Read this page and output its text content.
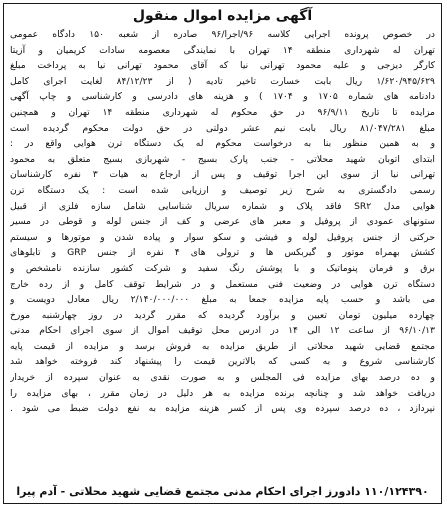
آگهی مزایده اموال منقول
در خصوص پرونده اجرایی کلاسه ۹۶/اجرا/۹۶ صادره از شعبه ۱۵۰ دادگاه عمومی
تهران له شهرداری منطقه ۱۴ تهران با نمایندگی معصومه سادات کریمیان و آزیتا
کارگر دیزجی و علیه محمود تهرانی نیا که آقای محمود تهرانی نیا به پرداخت مبلغ
۱/۶۲۰/۹۴۵/۶۲۹ ریال بابت خسارت تاخیر تادیه ( از ۸۴/۱۲/۲۳ لغایت اجرای کامل
دادنامه های شماره ۱۷۰۵ و ۱۷۰۴ ) و هزینه های دادرسی و کارشناسی و چاپ آگهی
مزایده تا تاریخ ۹۶/۹/۱۱ در حق محکوم له شهرداری منطقه ۱۴ تهران و همچنین
مبلغ ۸۱/۰۴۷/۲۸۱ ریال بابت نیم عشر دولتی در حق دولت محکوم گردیده است
و به همین منظور بنا به درخواست محکوم له یک دستگاه ترن هوایی واقع در :
ابتدای اتوبان شهید محلاتی - جنب پارک بسیج - شهربازی بسیج متعلق به محمود
تهرانی نیا از سوی این اجرا توقیف و پس از ارجاع به هیات ۳ نفره کارشناسان
رسمی دادگستری به شرح زیر توصیف و ارزیابی شده است : یک دستگاه ترن
هوایی مدل SR۲ فاقد پلاک و شماره سریال شناسایی شامل سازه فلزی از قبیل
ستونهای عمودی از پروفیل و معبر های عرضی و کف از جنس لوله و قوطی در مسیر
حرکتی از جنس پروفیل لوله و فیشی و سکو سوار و پیاده شدن و موتورها و سیستم
کشش بهمراه موتور و گیربکس ها و ترولی های ۴ نفره از جنس GRP و تابلوهای
برق و فرمان پنوماتیک و با پوشش رنگ سفید و شرکت کشور سازنده نامشخص و
دستگاه ترن هوایی در وضعیت فنی مستعمل و در شرایط توقف کامل و از رده خارج
می باشد و حسب پایه مزایده جمعا به مبلغ ۲/۱۴۰/۰۰۰/۰۰۰ ریال معادل دویست و
چهارده میلیون تومان تعیین و برآورد گردیده که مقرر گردید در روز چهارشنبه مورخ
۹۶/۱۰/۱۳ از ساعت ۱۲ الی ۱۴ در ادرس محل توقیف اموال از سوی اجرای احکام مدنی
مجتمع قضایی شهید محلاتی از طریق مزایده به فروش برسد و مزایده از قیمت پایه
کارشناسی شروع و به کسی که بالاترین قیمت را پیشنهاد کند فروخته خواهد شد
و ده درصد بهای مزایده فی المجلس و به صورت نقدی به عنوان سپرده از خریدار
دریافت خواهد شد و چنانچه برنده مزایده به هر دلیل در زمان مقرر ، بهای مزایده را
نپردازد ، ده درصد سپرده وی پس از کسر هزینه مزایده به نفع دولت ضبط می شود .
۱۱۰/۱۲۴۳۹۰ دادورز اجرای احکام مدنی مجتمع قضایی شهید محلاتی - آدم پیرا
